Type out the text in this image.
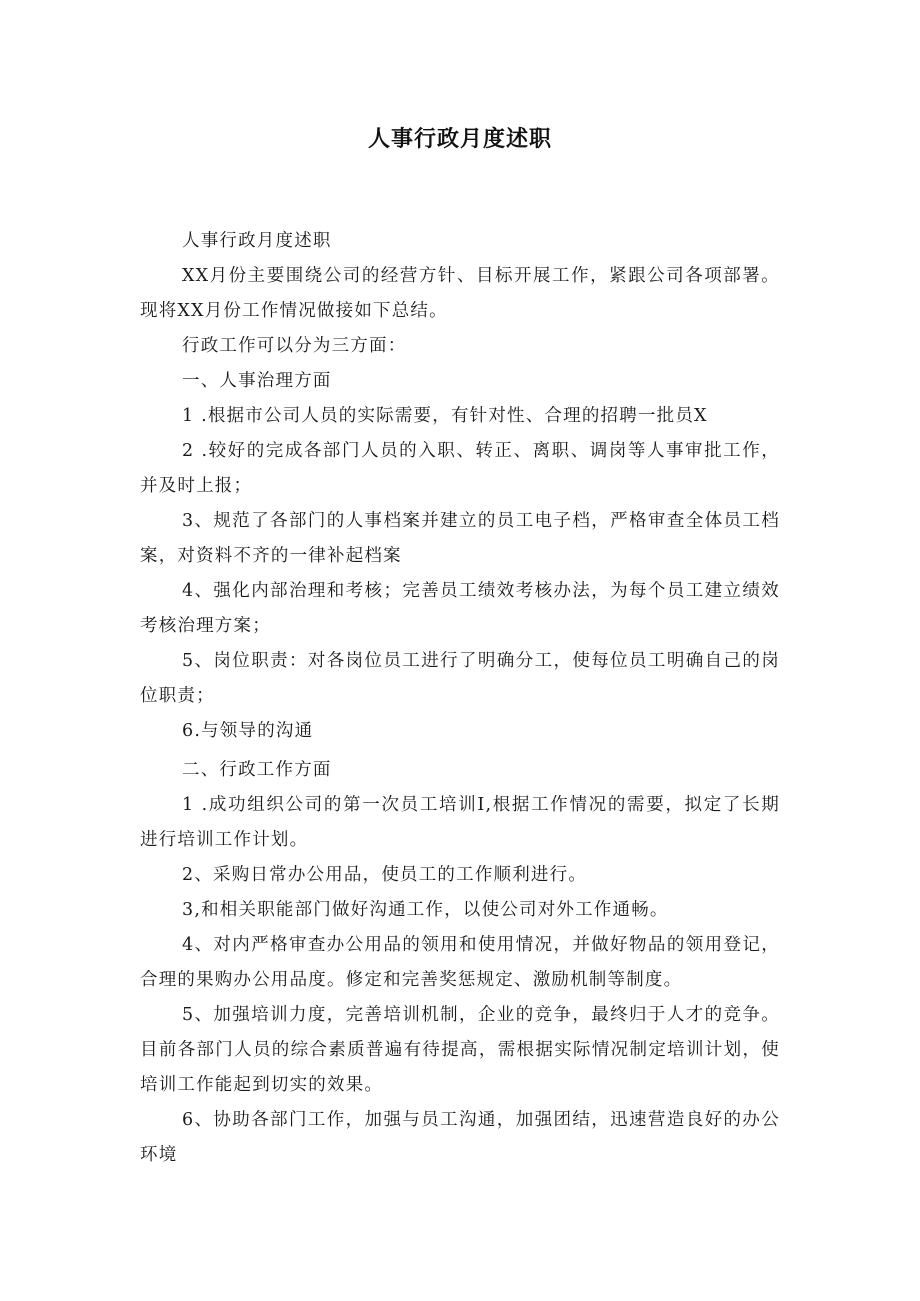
人事行政月度述职

人事行政月度述职

XX月份主要围绕公司的经营方针、目标开展工作，紧跟公司各项部署。现将XX月份工作情况做接如下总结。

行政工作可以分为三方面：

一、人事治理方面

1 .根据市公司人员的实际需要，有针对性、合理的招聘一批员X

2 .较好的完成各部门人员的入职、转正、离职、调岗等人事审批工作，并及时上报；

3、规范了各部门的人事档案并建立的员工电子档，严格审查全体员工档案，对资料不齐的一律补起档案

4、强化内部治理和考核；完善员工绩效考核办法，为每个员工建立绩效考核治理方案；

5、岗位职责：对各岗位员工进行了明确分工，使每位员工明确自己的岗位职责；

6.与领导的沟通

二、行政工作方面

1 .成功组织公司的第一次员工培训I,根据工作情况的需要，拟定了长期进行培训工作计划。

2、采购日常办公用品，使员工的工作顺利进行。

3,和相关职能部门做好沟通工作，以使公司对外工作通畅。

4、对内严格审查办公用品的领用和使用情况，并做好物品的领用登记，合理的果购办公用品度。修定和完善奖惩规定、激励机制等制度。

5、加强培训力度，完善培训机制，企业的竞争，最终归于人才的竞争。目前各部门人员的综合素质普遍有待提高，需根据实际情况制定培训计划，使培训工作能起到切实的效果。

6、协助各部门工作，加强与员工沟通，加强团结，迅速营造良好的办公环境
